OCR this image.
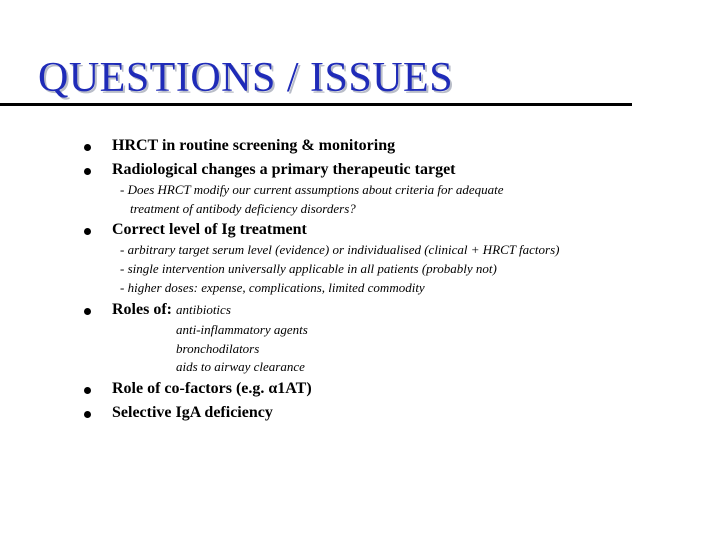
QUESTIONS / ISSUES
HRCT in routine screening & monitoring
Radiological changes a primary therapeutic target
- Does HRCT modify our current assumptions about criteria for adequate
treatment of antibody deficiency disorders?
Correct level of Ig treatment
- arbitrary target serum level (evidence) or individualised (clinical + HRCT factors)
- single intervention universally applicable in all patients (probably not)
- higher doses: expense, complications, limited commodity
Roles of: antibiotics
anti-inflammatory agents
bronchodilators
aids to airway clearance
Role of co-factors (e.g. α1AT)
Selective IgA deficiency
